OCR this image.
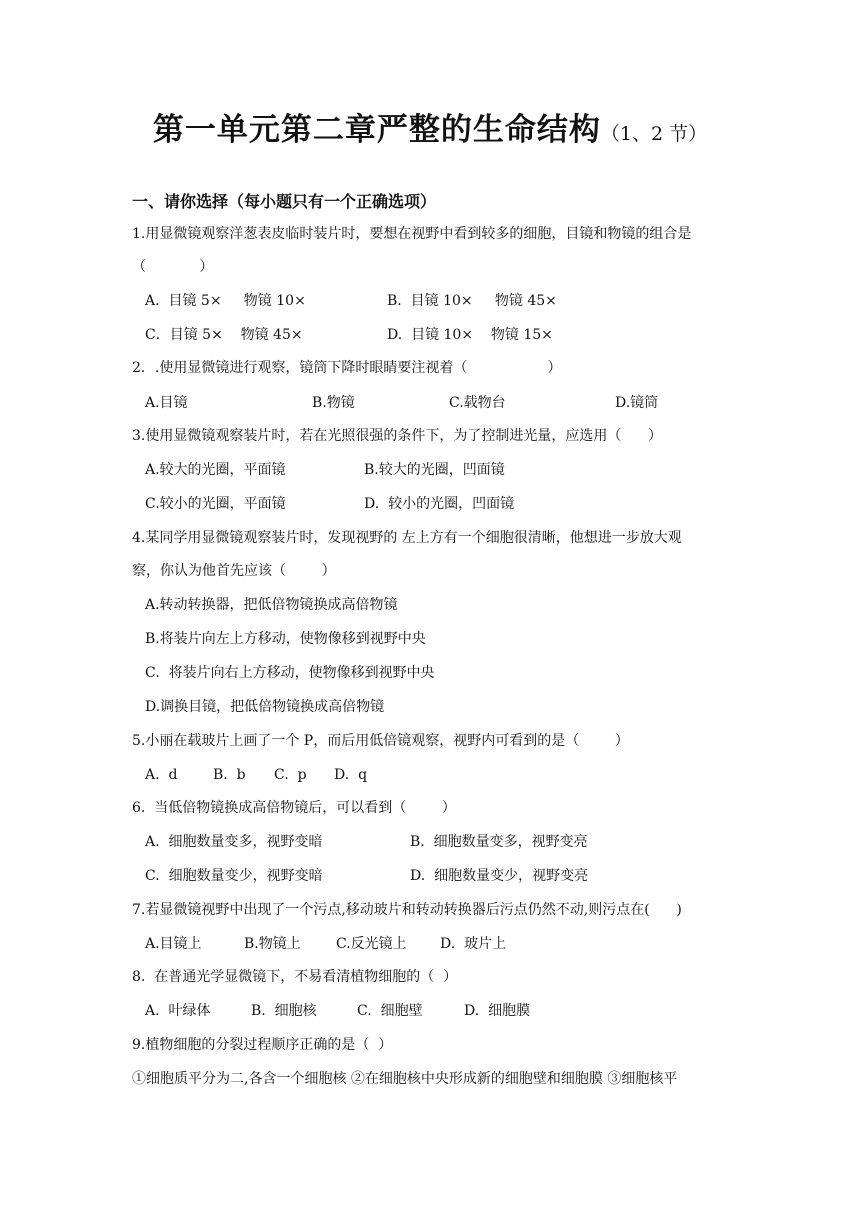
第一单元第二章严整的生命结构（1、2 节）
一、请你选择（每小题只有一个正确选项）
1.用显微镜观察洋葱表皮临时装片时，要想在视野中看到较多的细胞，目镜和物镜的组合是
（            ）
A.  目镜 5×     物镜 10×	B.  目镜 10×     物镜 45×
C．目镜 5×    物镜 45×	D.  目镜 10×    物镜 15×
2．.使用显微镜进行观察，镜筒下降时眼睛要注视着（                  ）
A.目镜	B.物镜	C.载物台	D.镜筒
3.使用显微镜观察装片时，若在光照很强的条件下，为了控制进光量，应选用（      ）
A.较大的光圈，平面镜	B.较大的光圈，凹面镜
C.较小的光圈，平面镜	D.  较小的光圈，凹面镜
4.某同学用显微镜观察装片时，发现视野的 左上方有一个细胞很清晰，他想进一步放大观
察，你认为他首先应该（        ）
A.转动转换器，把低倍物镜换成高倍物镜
B.将装片向左上方移动，使物像移到视野中央
C.  将装片向右上方移动，使物像移到视野中央
D.调换目镜，把低倍物镜换成高倍物镜
5.小丽在载玻片上画了一个 P，而后用低倍镜观察，视野内可看到的是（        ）
A.  d	B.  b C.  p D.  q
6.  当低倍物镜换成高倍物镜后，可以看到（        ）
A.  细胞数量变多，视野变暗	B.  细胞数量变多，视野变亮
C.  细胞数量变少，视野变暗	D.  细胞数量变少，视野变亮
7.若显微镜视野中出现了一个污点,移动玻片和转动转换器后污点仍然不动,则污点在(      )
A.目镜上	B.物镜上	C.反光镜上 D.  玻片上
8.  在普通光学显微镜下，不易看清植物细胞的（  ）
A.  叶绿体	B.  细胞核	C.  细胞壁	D.  细胞膜
9.植物细胞的分裂过程顺序正确的是（  ）
①细胞质平分为二,各含一个细胞核 ②在细胞核中央形成新的细胞壁和细胞膜 ③细胞核平
